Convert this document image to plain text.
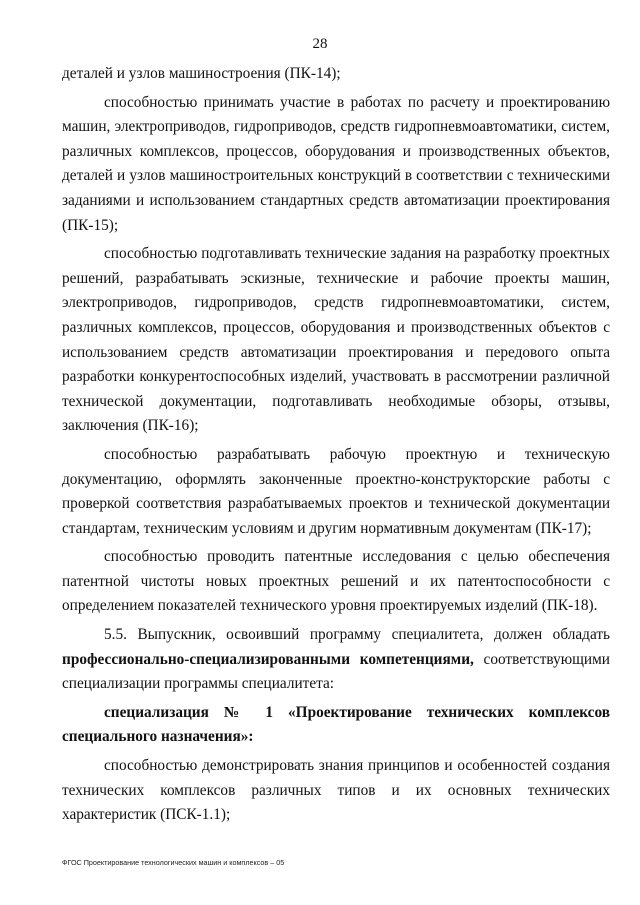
28

деталей и узлов машиностроения (ПК-14);

способностью принимать участие в работах по расчету и проектированию машин, электроприводов, гидроприводов, средств гидропневмоавтоматики, систем, различных комплексов, процессов, оборудования и производственных объектов, деталей и узлов машиностроительных конструкций в соответствии с техническими заданиями и использованием стандартных средств автоматизации проектирования (ПК-15);

способностью подготавливать технические задания на разработку проектных решений, разрабатывать эскизные, технические и рабочие проекты машин, электроприводов, гидроприводов, средств гидропневмоавтоматики, систем, различных комплексов, процессов, оборудования и производственных объектов с использованием средств автоматизации проектирования и передового опыта разработки конкурентоспособных изделий, участвовать в рассмотрении различной технической документации, подготавливать необходимые обзоры, отзывы, заключения (ПК-16);

способностью разрабатывать рабочую проектную и техническую документацию, оформлять законченные проектно-конструкторские работы с проверкой соответствия разрабатываемых проектов и технической документации стандартам, техническим условиям и другим нормативным документам (ПК-17);

способностью проводить патентные исследования с целью обеспечения патентной чистоты новых проектных решений и их патентоспособности с определением показателей технического уровня проектируемых изделий (ПК-18).

5.5. Выпускник, освоивший программу специалитета, должен обладать профессионально-специализированными компетенциями, соответствующими специализации программы специалитета:

специализация № 1 «Проектирование технических комплексов специального назначения»:

способностью демонстрировать знания принципов и особенностей создания технических комплексов различных типов и их основных технических характеристик (ПСК-1.1);

ФГОС Проектирование технологических машин и комплексов – 05
